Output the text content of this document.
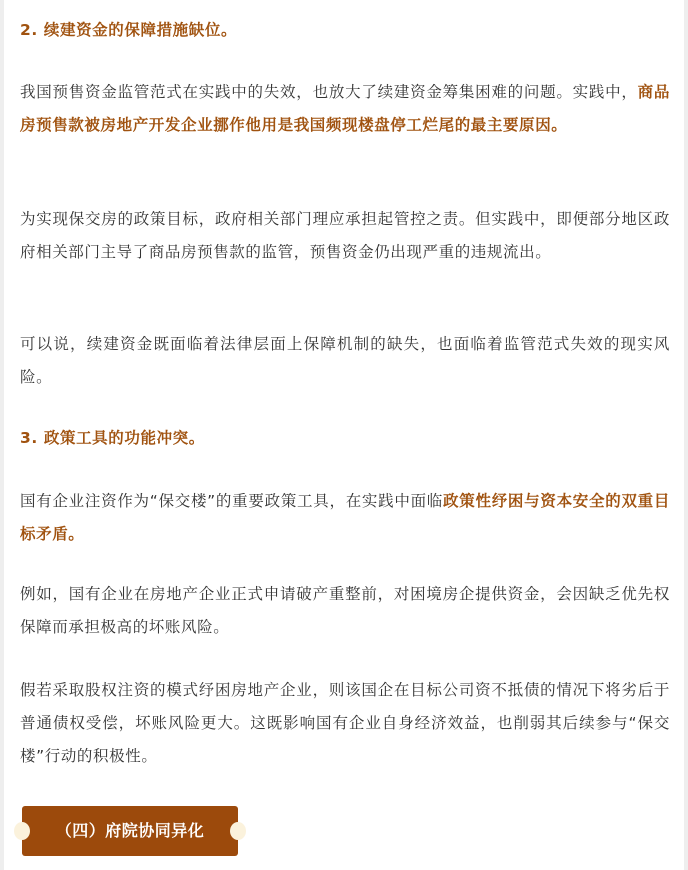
2. 续建资金的保障措施缺位。
我国预售资金监管范式在实践中的失效，也放大了续建资金筹集困难的问题。实践中，商品房预售款被房地产开发企业挪作他用是我国频现楼盘停工烂尾的最主要原因。
为实现保交房的政策目标，政府相关部门理应承担起管控之责。但实践中，即便部分地区政府相关部门主导了商品房预售款的监管，预售资金仍出现严重的违规流出。
可以说，续建资金既面临着法律层面上保障机制的缺失，也面临着监管范式失效的现实风险。
3. 政策工具的功能冲突。
国有企业注资作为“保交楼”的重要政策工具，在实践中面临政策性纾困与资本安全的双重目标矛盾。
例如，国有企业在房地产企业正式申请破产重整前，对困境房企提供资金，会因缺乏优先权保障而承担极高的坏账风险。
假若采取股权注资的模式纾困房地产企业，则该国企在目标公司资不抵债的情况下将劣后于普通债权受偿，坏账风险更大。这既影响国有企业自身经济效益，也削弱其后续参与“保交楼”行动的积极性。
（四）府院协同异化
